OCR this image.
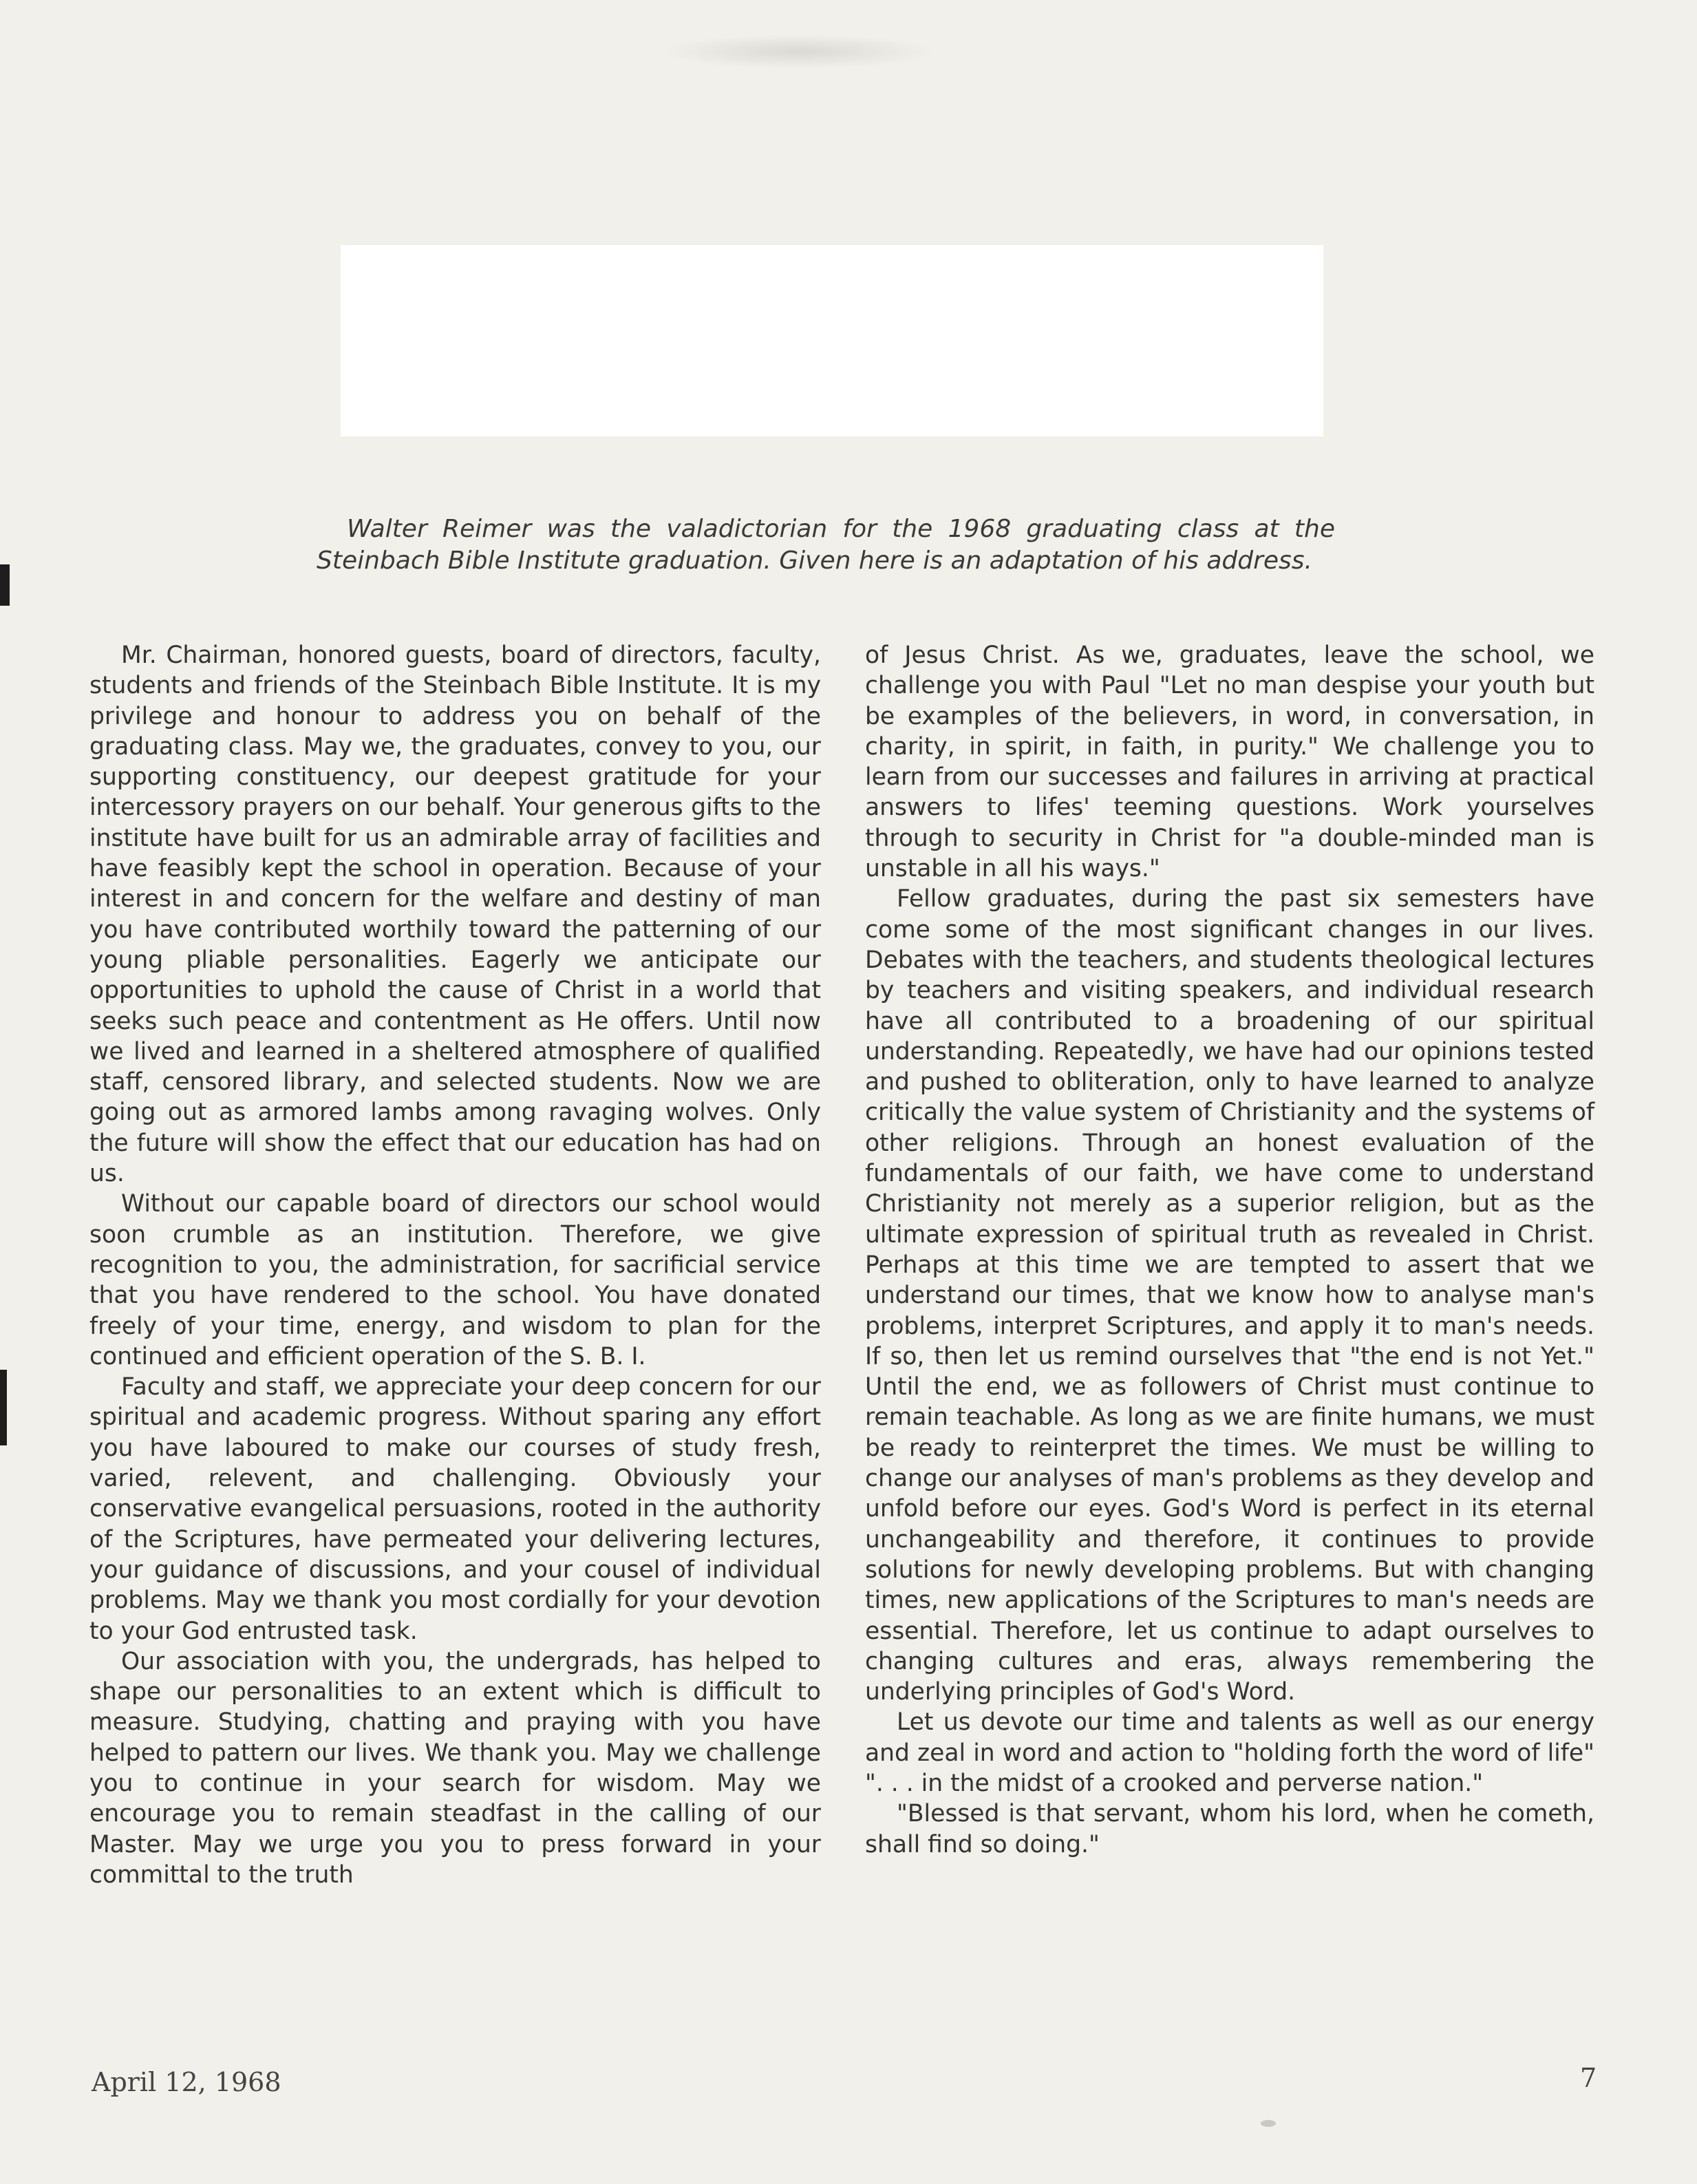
Walter Reimer was the valadictorian for the 1968 graduating class at the Steinbach Bible Institute graduation. Given here is an adaptation of his address.

Mr. Chairman, honored guests, board of directors, faculty, students and friends of the Steinbach Bible Institute. It is my privilege and honour to address you on behalf of the graduating class. May we, the graduates, convey to you, our supporting constituency, our deepest gratitude for your intercessory prayers on our behalf. Your generous gifts to the institute have built for us an admirable array of facilities and have feasibly kept the school in operation. Because of your interest in and concern for the welfare and destiny of man you have contributed worthily toward the patterning of our young pliable personalities. Eagerly we anticipate our opportunities to uphold the cause of Christ in a world that seeks such peace and contentment as He offers. Until now we lived and learned in a sheltered atmosphere of qualified staff, censored library, and selected students. Now we are going out as armored lambs among ravaging wolves. Only the future will show the effect that our education has had on us.

Without our capable board of directors our school would soon crumble as an institution. Therefore, we give recognition to you, the administration, for sacrificial service that you have rendered to the school. You have donated freely of your time, energy, and wisdom to plan for the continued and efficient operation of the S. B. I.

Faculty and staff, we appreciate your deep concern for our spiritual and academic progress. Without sparing any effort you have laboured to make our courses of study fresh, varied, relevent, and challenging. Obviously your conservative evangelical persuasions, rooted in the authority of the Scriptures, have permeated your delivering lectures, your guidance of discussions, and your cousel of individual problems. May we thank you most cordially for your devotion to your God entrusted task.

Our association with you, the undergrads, has helped to shape our personalities to an extent which is difficult to measure. Studying, chatting and praying with you have helped to pattern our lives. We thank you. May we challenge you to continue in your search for wisdom. May we encourage you to remain steadfast in the calling of our Master. May we urge you you to press forward in your committal to the truth

of Jesus Christ. As we, graduates, leave the school, we challenge you with Paul "Let no man despise your youth but be examples of the believers, in word, in conversation, in charity, in spirit, in faith, in purity." We challenge you to learn from our successes and failures in arriving at practical answers to lifes' teeming questions. Work yourselves through to security in Christ for "a double-minded man is unstable in all his ways."

Fellow graduates, during the past six semesters have come some of the most significant changes in our lives. Debates with the teachers, and students theological lectures by teachers and visiting speakers, and individual research have all contributed to a broadening of our spiritual understanding. Repeatedly, we have had our opinions tested and pushed to obliteration, only to have learned to analyze critically the value system of Christianity and the systems of other religions. Through an honest evaluation of the fundamentals of our faith, we have come to understand Christianity not merely as a superior religion, but as the ultimate expression of spiritual truth as revealed in Christ. Perhaps at this time we are tempted to assert that we understand our times, that we know how to analyse man's problems, interpret Scriptures, and apply it to man's needs. If so, then let us remind ourselves that "the end is not Yet." Until the end, we as followers of Christ must continue to remain teachable. As long as we are finite humans, we must be ready to reinterpret the times. We must be willing to change our analyses of man's problems as they develop and unfold before our eyes. God's Word is perfect in its eternal unchangeability and therefore, it continues to provide solutions for newly developing problems. But with changing times, new applications of the Scriptures to man's needs are essential. Therefore, let us continue to adapt ourselves to changing cultures and eras, always remembering the underlying principles of God's Word.

Let us devote our time and talents as well as our energy and zeal in word and action to "holding forth the word of life" ". . . in the midst of a crooked and perverse nation."

"Blessed is that servant, whom his lord, when he cometh, shall find so doing."

April 12, 1968	7
